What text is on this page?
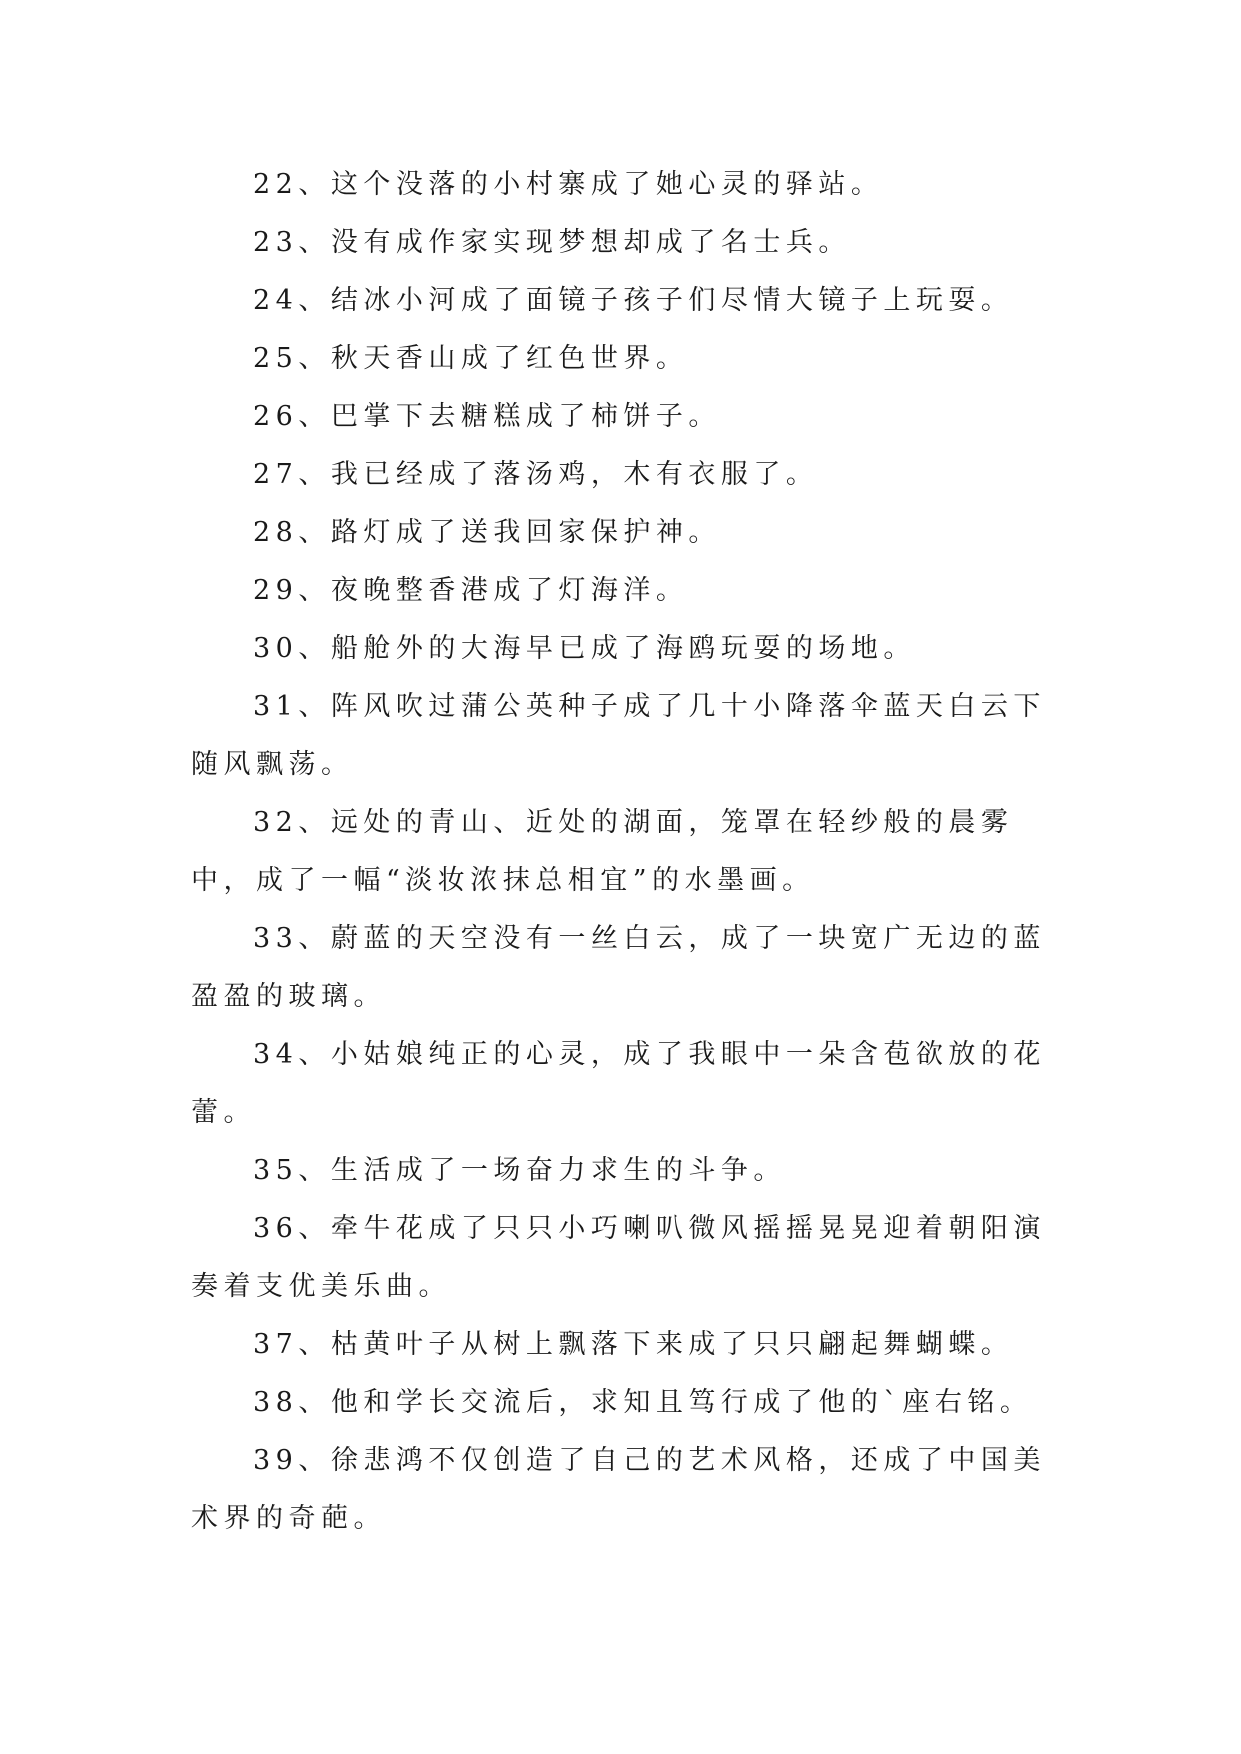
22、这个没落的小村寨成了她心灵的驿站。

23、没有成作家实现梦想却成了名士兵。

24、结冰小河成了面镜子孩子们尽情大镜子上玩耍。

25、秋天香山成了红色世界。

26、巴掌下去糖糕成了柿饼子。

27、我已经成了落汤鸡，木有衣服了。

28、路灯成了送我回家保护神。

29、夜晚整香港成了灯海洋。

30、船舱外的大海早已成了海鸥玩耍的场地。

31、阵风吹过蒲公英种子成了几十小降落伞蓝天白云下随风飘荡。

32、远处的青山、近处的湖面，笼罩在轻纱般的晨雾中，成了一幅“淡妆浓抹总相宜”的水墨画。

33、蔚蓝的天空没有一丝白云，成了一块宽广无边的蓝盈盈的玻璃。

34、小姑娘纯正的心灵，成了我眼中一朵含苞欲放的花蕾。

35、生活成了一场奋力求生的斗争。

36、牵牛花成了只只小巧喇叭微风摇摇晃晃迎着朝阳演奏着支优美乐曲。

37、枯黄叶子从树上飘落下来成了只只翩起舞蝴蝶。

38、他和学长交流后，求知且笃行成了他的`座右铭。

39、徐悲鸿不仅创造了自己的艺术风格，还成了中国美术界的奇葩。
